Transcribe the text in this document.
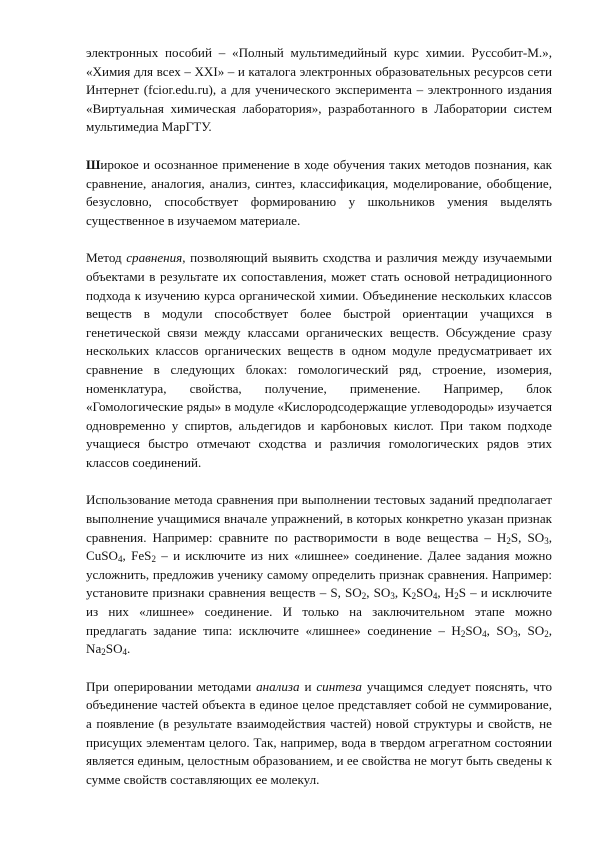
электронных пособий – «Полный мультимедийный курс химии. Руссобит-М.», «Химия для всех – XXI» – и каталога электронных образовательных ресурсов сети Интернет (fcior.edu.ru), а для ученического эксперимента – электронного издания «Виртуальная химическая лаборатория», разработанного в Лаборатории систем мультимедиа МарГТУ.

Широкое и осознанное применение в ходе обучения таких методов познания, как сравнение, аналогия, анализ, синтез, классификация, моделирование, обобщение, безусловно, способствует формированию у школьников умения выделять существенное в изучаемом материале.

Метод сравнения, позволяющий выявить сходства и различия между изучаемыми объектами в результате их сопоставления, может стать основой нетрадиционного подхода к изучению курса органической химии. Объединение нескольких классов веществ в модули способствует более быстрой ориентации учащихся в генетической связи между классами органических веществ. Обсуждение сразу нескольких классов органических веществ в одном модуле предусматривает их сравнение в следующих блоках: гомологический ряд, строение, изомерия, номенклатура, свойства, получение, применение. Например, блок «Гомологические ряды» в модуле «Кислородсодержащие углеводороды» изучается одновременно у спиртов, альдегидов и карбоновых кислот. При таком подходе учащиеся быстро отмечают сходства и различия гомологических рядов этих классов соединений.

Использование метода сравнения при выполнении тестовых заданий предполагает выполнение учащимися вначале упражнений, в которых конкретно указан признак сравнения. Например: сравните по растворимости в воде вещества – $H_2S$, $SO_3$, CuSO$_4$, FeS$_2$ – и исключите из них «лишнее» соединение. Далее задания можно усложнить, предложив ученику самому определить признак сравнения. Например: установите признаки сравнения веществ – S, $SO_2$, $SO_3$, $K_2SO_4$, $H_2S$ – и исключите из них «лишнее» соединение. И только на заключительном этапе можно предлагать задание типа: исключите «лишнее» соединение – $H_2SO_4$, $SO_3$, $SO_2$, $Na_2SO_4$.

При оперировании методами анализа и синтеза учащимся следует пояснять, что объединение частей объекта в единое целое представляет собой не суммирование, а появление (в результате взаимодействия частей) новой структуры и свойств, не присущих элементам целого. Так, например, вода в твердом агрегатном состоянии является единым, целостным образованием, и ее свойства не могут быть сведены к сумме свойств составляющих ее молекул.
